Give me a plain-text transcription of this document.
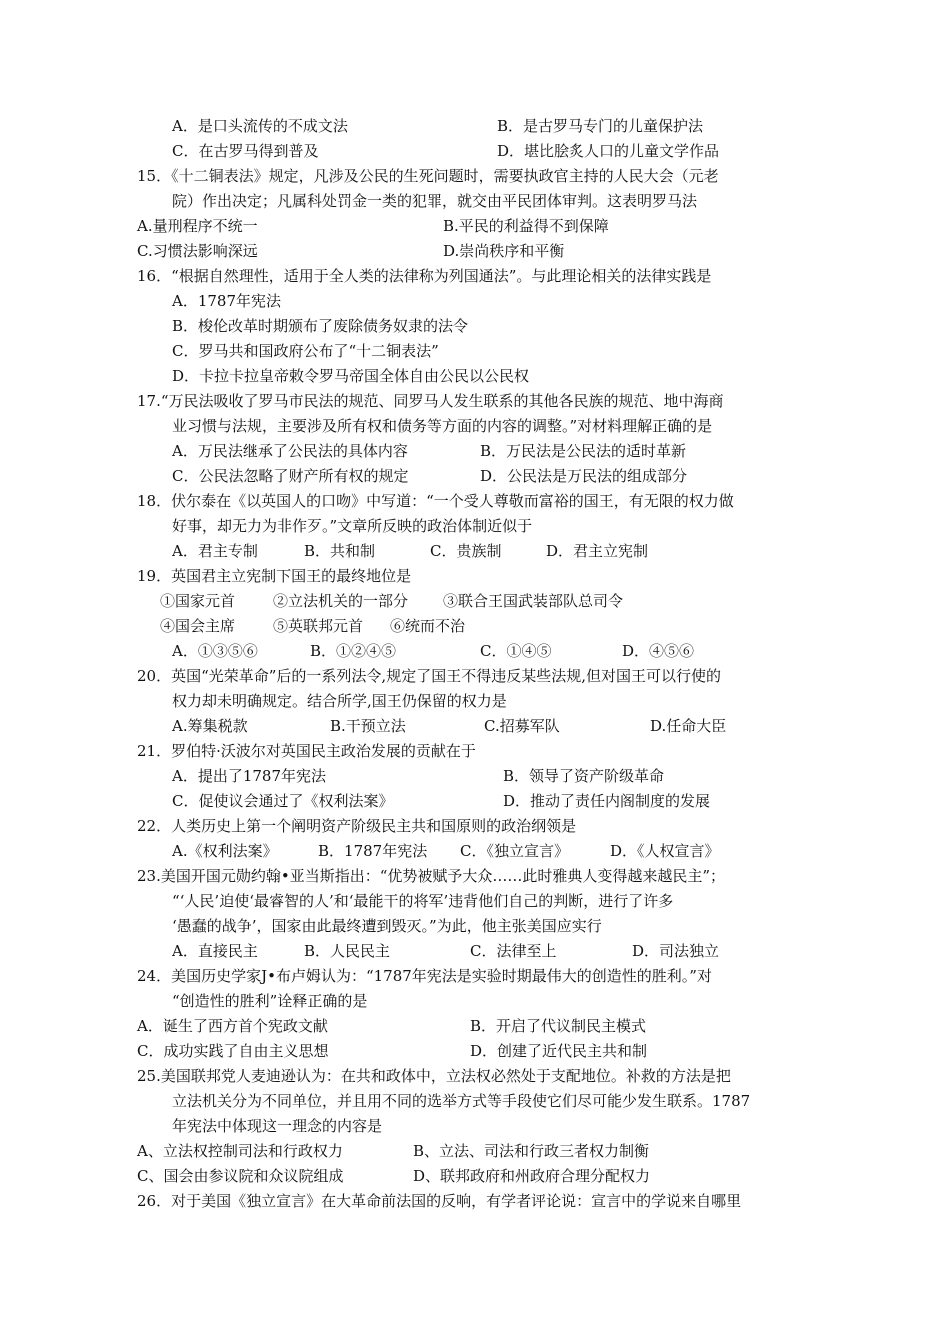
A．是口头流传的不成文法	B．是古罗马专门的儿童保护法
C．在古罗马得到普及	D．堪比脍炙人口的儿童文学作品
15．《十二铜表法》规定，凡涉及公民的生死问题时，需要执政官主持的人民大会（元老
院）作出决定；凡属科处罚金一类的犯罪，就交由平民团体审判。这表明罗马法
A.量刑程序不统一	B.平民的利益得不到保障
C.习惯法影响深远	D.崇尚秩序和平衡
16．“根据自然理性，适用于全人类的法律称为列国通法”。与此理论相关的法律实践是
A．1787年宪法
B．梭伦改革时期颁布了废除债务奴隶的法令
C．罗马共和国政府公布了“十二铜表法”
D．卡拉卡拉皇帝敕令罗马帝国全体自由公民以公民权
17.“万民法吸收了罗马市民法的规范、同罗马人发生联系的其他各民族的规范、地中海商
业习惯与法规，主要涉及所有权和债务等方面的内容的调整。”对材料理解正确的是
A．万民法继承了公民法的具体内容	B．万民法是公民法的适时革新
C．公民法忽略了财产所有权的规定	D．公民法是万民法的组成部分
18．伏尔泰在《以英国人的口吻》中写道：“一个受人尊敬而富裕的国王，有无限的权力做
好事，却无力为非作歹。”文章所反映的政治体制近似于
A．君主专制	B．共和制	C．贵族制	D．君主立宪制
19．英国君主立宪制下国王的最终地位是
①国家元首	②立法机关的一部分 ③联合王国武装部队总司令
④国会主席	⑤英联邦元首 ⑥统而不治
A．①③⑤⑥	B．①②④⑤	C．①④⑤	D．④⑤⑥
20．英国“光荣革命”后的一系列法令,规定了国王不得违反某些法规,但对国王可以行使的
权力却未明确规定。结合所学,国王仍保留的权力是
A.筹集税款	B.干预立法	C.招募军队	D.任命大臣
21．罗伯特·沃波尔对英国民主政治发展的贡献在于
A．提出了1787年宪法	B．领导了资产阶级革命
C．促使议会通过了《权利法案》	D．推动了责任内阁制度的发展
23.美国开国元勋约翰•亚当斯指出：“优势被赋予大众……此时雅典人变得越来越民主”；
“‘人民’迫使‘最睿智的人’和‘最能干的将军’违背他们自己的判断，进行了许多
‘愚蠢的战争’，国家由此最终遭到毁灭。”为此，他主张美国应实行
A．直接民主	B．人民民主	C．法律至上	D．司法独立
24．美国历史学家J•布卢姆认为：“1787年宪法是实验时期最伟大的创造性的胜利。”对
“创造性的胜利”诠释正确的是
A．诞生了西方首个宪政文献	B．开启了代议制民主模式
C．成功实践了自由主义思想	D．创建了近代民主共和制
25.美国联邦党人麦迪逊认为：在共和政体中，立法权必然处于支配地位。补救的方法是把
立法机关分为不同单位，并且用不同的选举方式等手段使它们尽可能少发生联系。1787
年宪法中体现这一理念的内容是
A、立法权控制司法和行政权力	B、立法、司法和行政三者权力制衡
C、国会由参议院和众议院组成	D、联邦政府和州政府合理分配权力
26．对于美国《独立宣言》在大革命前法国的反响，有学者评论说：宣言中的学说来自哪里
22．人类历史上第一个阐明资产阶级民主共和国原则的政治纲领是
A.《权利法案》	B．1787年宪法 C．《独立宣言》	D．《人权宣言》
